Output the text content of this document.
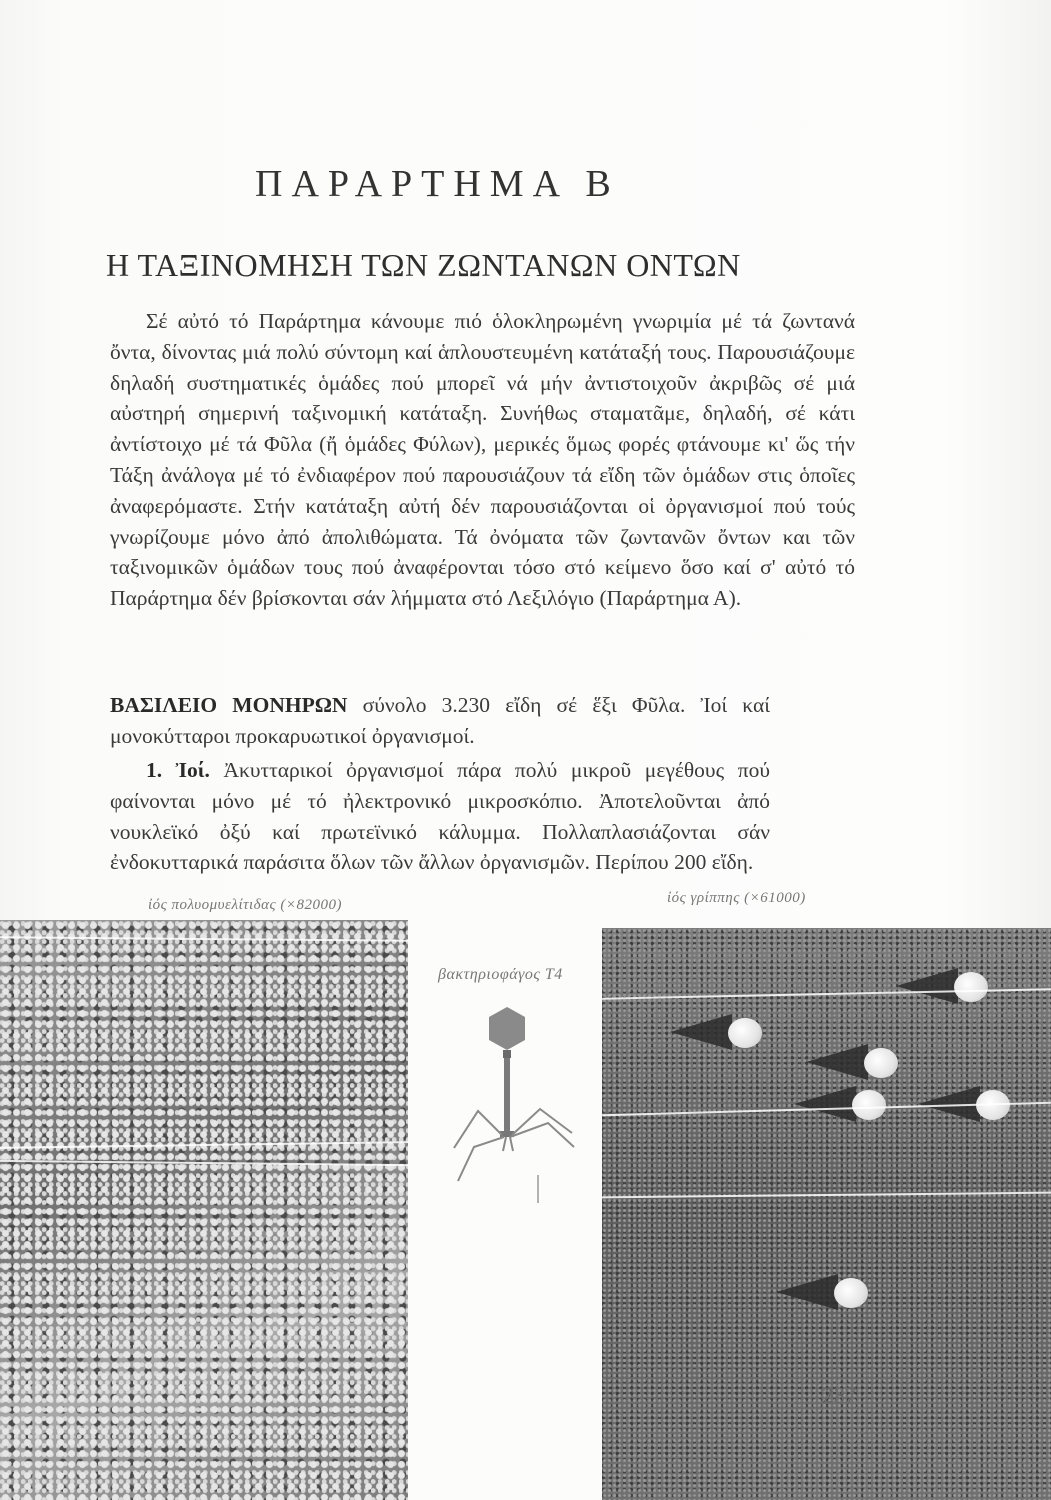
ΠΑΡΑΡΤΗΜΑ Β
Η ΤΑΞΙΝΟΜΗΣΗ ΤΩΝ ΖΩΝΤΑΝΩΝ ΟΝΤΩΝ

Σέ αὐτό τό Παράρτημα κάνουμε πιό ὁλοκληρωμένη γνωριμία μέ τά ζωντανά ὄντα, δίνοντας μιά πολύ σύντομη καί ἁπλουστευμένη κατάταξή τους. Παρουσιάζουμε δηλαδή συστηματικές ὁμάδες πού μπορεῖ νά μήν ἀντιστοιχοῦν ἀκριβῶς σέ μιά αὐστηρή σημερινή ταξινομική κατάταξη. Συνήθως σταματᾶμε, δηλαδή, σέ κάτι ἀντίστοιχο μέ τά Φῦλα (ἤ ὁμάδες Φύλων), μερικές ὅμως φορές φτάνουμε κι' ὥς τήν Τάξη ἀνάλογα μέ τό ἐνδιαφέρον πού παρουσιάζουν τά εἴδη τῶν ὁμάδων στις ὁποῖες ἀναφερόμαστε. Στήν κατάταξη αὐτή δέν παρουσιάζονται οἱ ὀργανισμοί πού τούς γνωρίζουμε μόνο ἀπό ἀπολιθώματα. Τά ὀνόματα τῶν ζωντανῶν ὄντων και τῶν ταξινομικῶν ὁμάδων τους πού ἀναφέρονται τόσο στό κείμενο ὅσο καί σ' αὐτό τό Παράρτημα δέν βρίσκονται σάν λήμματα στό Λεξιλόγιο (Παράρτημα Α).

ΒΑΣΙΛΕΙΟ ΜΟΝΗΡΩΝ σύνολο 3.230 εἴδη σέ ἕξι Φῦλα. Ἰοί καί μονοκύτταροι προκαρυωτικοί ὀργανισμοί.

1. Ἰοί. Ἀκυτταρικοί ὀργανισμοί πάρα πολύ μικροῦ μεγέθους πού φαίνονται μόνο μέ τό ἠλεκτρονικό μικροσκόπιο. Ἀποτελοῦνται ἀπό νουκλεϊκό ὀξύ καί πρωτεϊνικό κάλυμμα. Πολλαπλασιάζονται σάν ἐνδοκυτταρικά παράσιτα ὅλων τῶν ἄλλων ὀργανισμῶν. Περίπου 200 εἴδη.

ἰός πολυομυελίτιδας (×82000)	ἰός γρίππης (×61000)
βακτηριοφάγος Τ4
237
